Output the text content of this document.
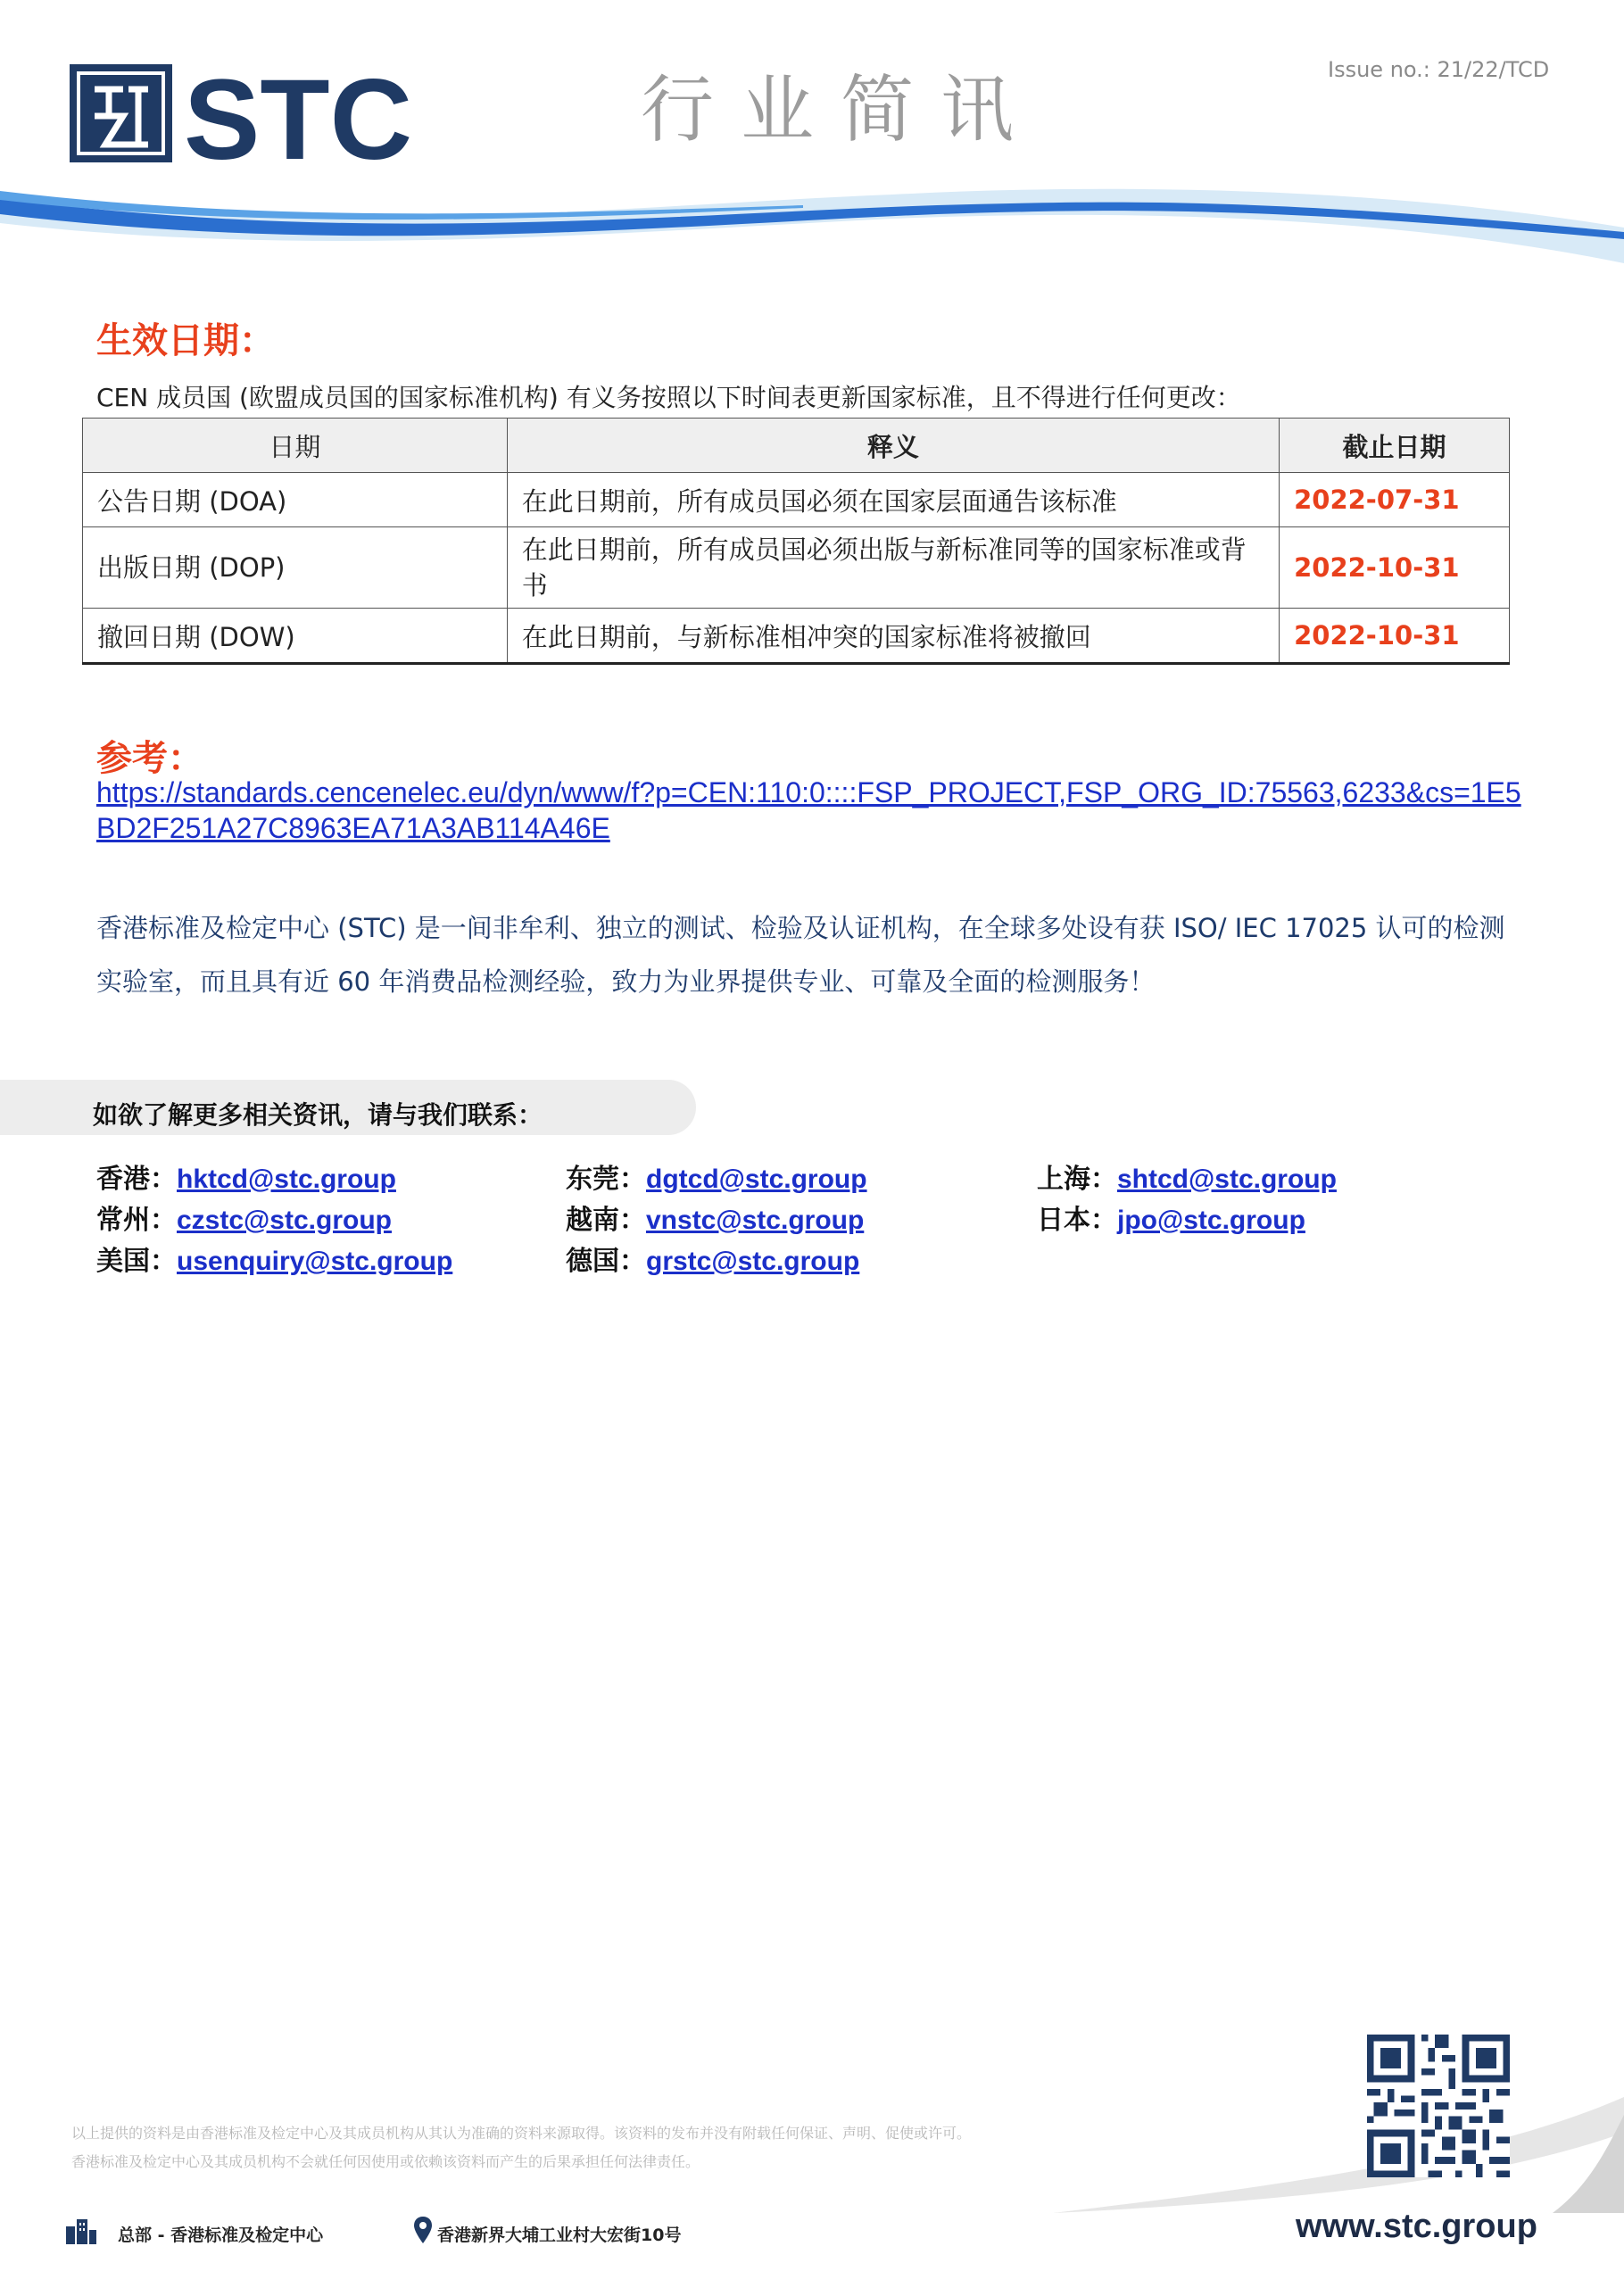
STC	行业简讯	Issue no.: 21/22/TCD
生效日期：
CEN 成员国 (欧盟成员国的国家标准机构) 有义务按照以下时间表更新国家标准，且不得进行任何更改：
日期	释义	截止日期
公告日期 (DOA)	在此日期前，所有成员国必须在国家层面通告该标准	2022-07-31
出版日期 (DOP)	在此日期前，所有成员国必须出版与新标准同等的国家标准或背书	2022-10-31
撤回日期 (DOW)	在此日期前，与新标准相冲突的国家标准将被撤回	2022-10-31
参考：
https://standards.cencenelec.eu/dyn/www/f?p=CEN:110:0::::FSP_PROJECT,FSP_ORG_ID:75563,6233&cs=1E5BD2F251A27C8963EA71A3AB114A46E
香港标准及检定中心 (STC) 是一间非牟利、独立的测试、检验及认证机构，在全球多处设有获 ISO/ IEC 17025 认可的检测实验室，而且具有近 60 年消费品检测经验，致力为业界提供专业、可靠及全面的检测服务！
如欲了解更多相关资讯，请与我们联系：
香港：hktcd@stc.group	东莞：dgtcd@stc.group	上海：shtcd@stc.group
常州：czstc@stc.group	越南：vnstc@stc.group	日本：jpo@stc.group
美国：usenquiry@stc.group	德国：grstc@stc.group
以上提供的资料是由香港标准及检定中心及其成员机构从其认为准确的资料来源取得。该资料的发布并没有附载任何保证、声明、促使或许可。
香港标准及检定中心及其成员机构不会就任何因使用或依赖该资料而产生的后果承担任何法律责任。
总部 - 香港标准及检定中心	香港新界大埔工业村大宏街10号	www.stc.group
